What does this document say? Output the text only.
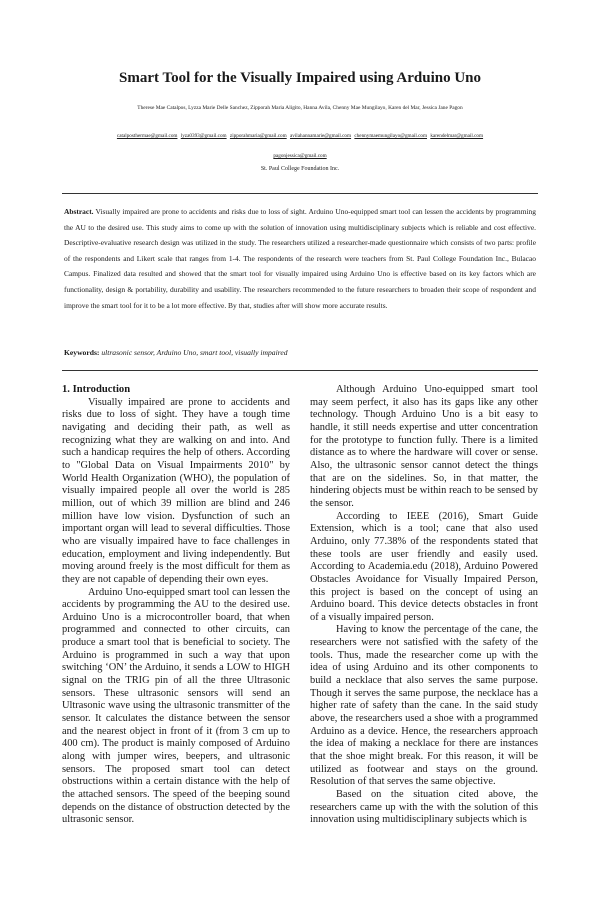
Smart Tool for the Visually Impaired using Arduino Uno
Therese Mae Catalpos, Lyzza Marie Delle Sanchez, Zipporah Maria Aligito, Hanna Avila, Chenny Mae Mungilayo, Karen del Mar, Jessica Jane Pagon
catalposthermae@gmail.com lyza0393@gmail.com zipporahmaria@gmail.com avilahannamarie@gmail.com chennymaemungilayo@gmail.com karendelmar@gmail.com
pagonjessica@gmail.com
St. Paul College Foundation Inc.
Abstract. Visually impaired are prone to accidents and risks due to loss of sight. Arduino Uno-equipped smart tool can lessen the accidents by programming the AU to the desired use. This study aims to come up with the solution of innovation using multidisciplinary subjects which is reliable and cost effective. Descriptive-evaluative research design was utilized in the study. The researchers utilized a researcher-made questionnaire which consists of two parts: profile of the respondents and Likert scale that ranges from 1-4. The respondents of the research were teachers from St. Paul College Foundation Inc., Bulacao Campus. Finalized data resulted and showed that the smart tool for visually impaired using Arduino Uno is effective based on its key factors which are functionality, design & portability, durability and usability. The researchers recommended to the future researchers to broaden their scope of respondent and improve the smart tool for it to be a lot more effective. By that, studies after will show more accurate results.
Keywords: ultrasonic sensor, Arduino Uno, smart tool, visually impaired
1. Introduction

Visually impaired are prone to accidents and risks due to loss of sight. They have a tough time navigating and deciding their path, as well as recognizing what they are walking on and into. And such a handicap requires the help of others. According to "Global Data on Visual Impairments 2010" by World Health Organization (WHO), the population of visually impaired people all over the world is 285 million, out of which 39 million are blind and 246 million have low vision. Dysfunction of such an important organ will lead to several difficulties. Those who are visually impaired have to face challenges in education, employment and living independently. But moving around freely is the most difficult for them as they are not capable of depending their own eyes.

Arduino Uno-equipped smart tool can lessen the accidents by programming the AU to the desired use. Arduino Uno is a microcontroller board, that when programmed and connected to other circuits, can produce a smart tool that is beneficial to society. The Arduino is programmed in such a way that upon switching ‘ON’ the Arduino, it sends a LOW to HIGH signal on the TRIG pin of all the three Ultrasonic sensors. These ultrasonic sensors will send an Ultrasonic wave using the ultrasonic transmitter of the sensor. It calculates the distance between the sensor and the nearest object in front of it (from 3 cm up to 400 cm). The product is mainly composed of Arduino along with jumper wires, beepers, and ultrasonic sensors. The proposed smart tool can detect obstructions within a certain distance with the help of the attached sensors. The speed of the beeping sound depends on the distance of obstruction detected by the ultrasonic sensor.

Although Arduino Uno-equipped smart tool may seem perfect, it also has its gaps like any other technology. Though Arduino Uno is a bit easy to handle, it still needs expertise and utter concentration for the prototype to function fully. There is a limited distance as to where the hardware will cover or sense. Also, the ultrasonic sensor cannot detect the things that are on the sidelines. So, in that matter, the hindering objects must be within reach to be sensed by the sensor.

According to IEEE (2016), Smart Guide Extension, which is a tool; cane that also used Arduino, only 77.38% of the respondents stated that these tools are user friendly and easily used. According to Academia.edu (2018), Arduino Powered Obstacles Avoidance for Visually Impaired Person, this project is based on the concept of using an Arduino board. This device detects obstacles in front of a visually impaired person.

Having to know the percentage of the cane, the researchers were not satisfied with the safety of the tools. Thus, made the researcher come up with the idea of using Arduino and its other components to build a necklace that also serves the same purpose. Though it serves the same purpose, the necklace has a higher rate of safety than the cane. In the said study above, the researchers used a shoe with a programmed Arduino as a device. Hence, the researchers approach the idea of making a necklace for there are instances that the shoe might break. For this reason, it will be utilized as footwear and stays on the ground. Resolution of that serves the same objective.

Based on the situation cited above, the researchers came up with the with the solution of this innovation using multidisciplinary subjects which is
